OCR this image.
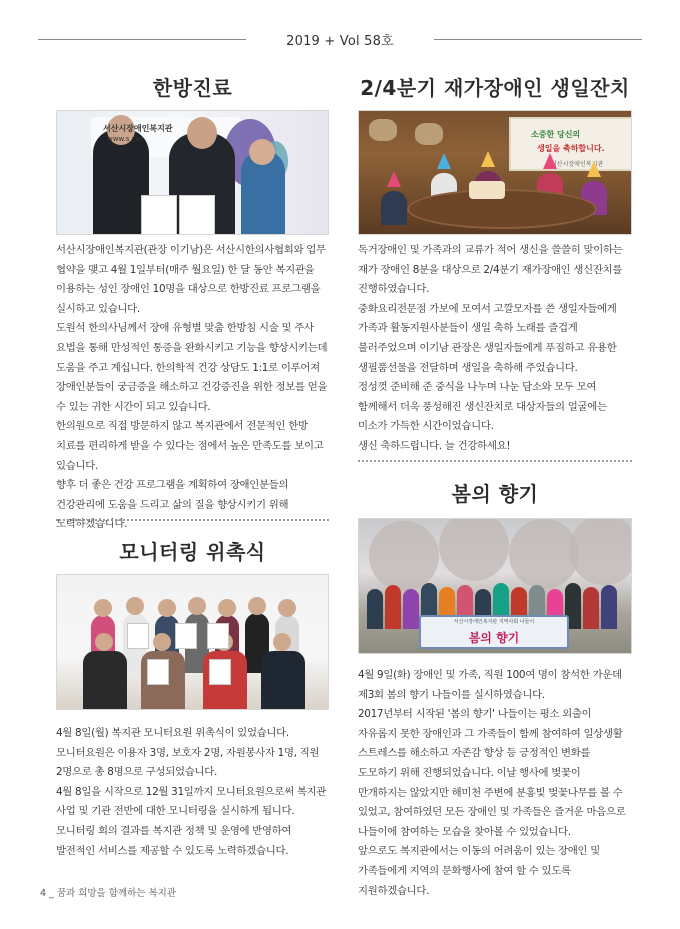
2019 + Vol 58호
한방진료
서산시장애인복지관
www.s r.kr

서산시장애인복지관(관장 이기남)은 서산시한의사협회와 업무 협약을 맺고 4월 1일부터(매주 월요일) 한 달 동안 복지관을 이용하는 성인 장애인 10명을 대상으로 한방진료 프로그램을 실시하고 있습니다.

도원석 한의사님께서 장애 유형별 맞춤 한방침 시술 및 주사 요법을 통해 만성적인 통증을 완화시키고 기능을 향상시키는데 도움을 주고 계십니다. 한의학적 건강 상담도 1:1로 이루어져 장애인분들이 궁금증을 해소하고 건강증진을 위한 정보를 얻을 수 있는 귀한 시간이 되고 있습니다.

한의원으로 직접 방문하지 않고 복지관에서 전문적인 한방 치료를 편리하게 받을 수 있다는 점에서 높은 만족도를 보이고 있습니다.

향후 더 좋은 건강 프로그램을 계획하여 장애인분들의 건강관리에 도움을 드리고 삶의 질을 향상시키기 위해 노력하겠습니다.

모니터링 위촉식

4월 8일(월) 복지관 모니터요원 위촉식이 있었습니다.

모니터요원은 이용자 3명, 보호자 2명, 자원봉사자 1명, 직원 2명으로 총 8명으로 구성되었습니다.

4월 8일을 시작으로 12월 31일까지 모니터요원으로써 복지관 사업 및 기관 전반에 대한 모니터링을 실시하게 됩니다. 모니터링 회의 결과를 복지관 정책 및 운영에 반영하여 발전적인 서비스를 제공할 수 있도록 노력하겠습니다.

2/4분기 재가장애인 생일잔치
소중한 당신의
생일을 축하합니다.
서산시장애인복지관

독거장애인 및 가족과의 교류가 적어 생신을 쓸쓸히 맞이하는 재가 장애인 8분을 대상으로 2/4분기 재가장애인 생신잔치를 진행하였습니다.

중화요리전문점 가보에 모여서 고깔모자를 쓴 생일자들에게 가족과 활동지원사분들이 생일 축하 노래를 즐겁게 불러주었으며 이기남 관장은 생일자들에게 푸짐하고 유용한 생필품선물을 전달하며 생일을 축하해 주었습니다.

정성껏 준비해 준 중식을 나누며 나눈 담소와 모두 모여 함께해서 더욱 풍성해진 생신잔치로 대상자들의 얼굴에는 미소가 가득한 시간이었습니다.

생신 축하드립니다. 늘 건강하세요!

봄의 향기
서산시장애인복지관 지역사회 나들이
봄의 향기

4월 9일(화) 장애인 및 가족, 직원 100여 명이 참석한 가운데 제3회 봄의 향기 나들이를 실시하였습니다.

2017년부터 시작된 '봄의 향기' 나들이는 평소 외출이 자유롭지 못한 장애인과 그 가족들이 함께 참여하여 일상생활 스트레스를 해소하고 자존감 향상 등 긍정적인 변화를 도모하기 위해 진행되었습니다. 이날 행사에 벚꽃이 만개하지는 않았지만 해미천 주변에 분홍빛 벚꽃나무를 볼 수 있었고, 참여하였던 모든 장애인 및 가족들은 즐거운 마음으로 나들이에 참여하는 모습을 찾아볼 수 있었습니다.

앞으로도 복지관에서는 이동의 어려움이 있는 장애인 및 가족들에게 지역의 문화행사에 참여 할 수 있도록 지원하겠습니다.

4 _ 꿈과 희망을 함께하는 복지관
